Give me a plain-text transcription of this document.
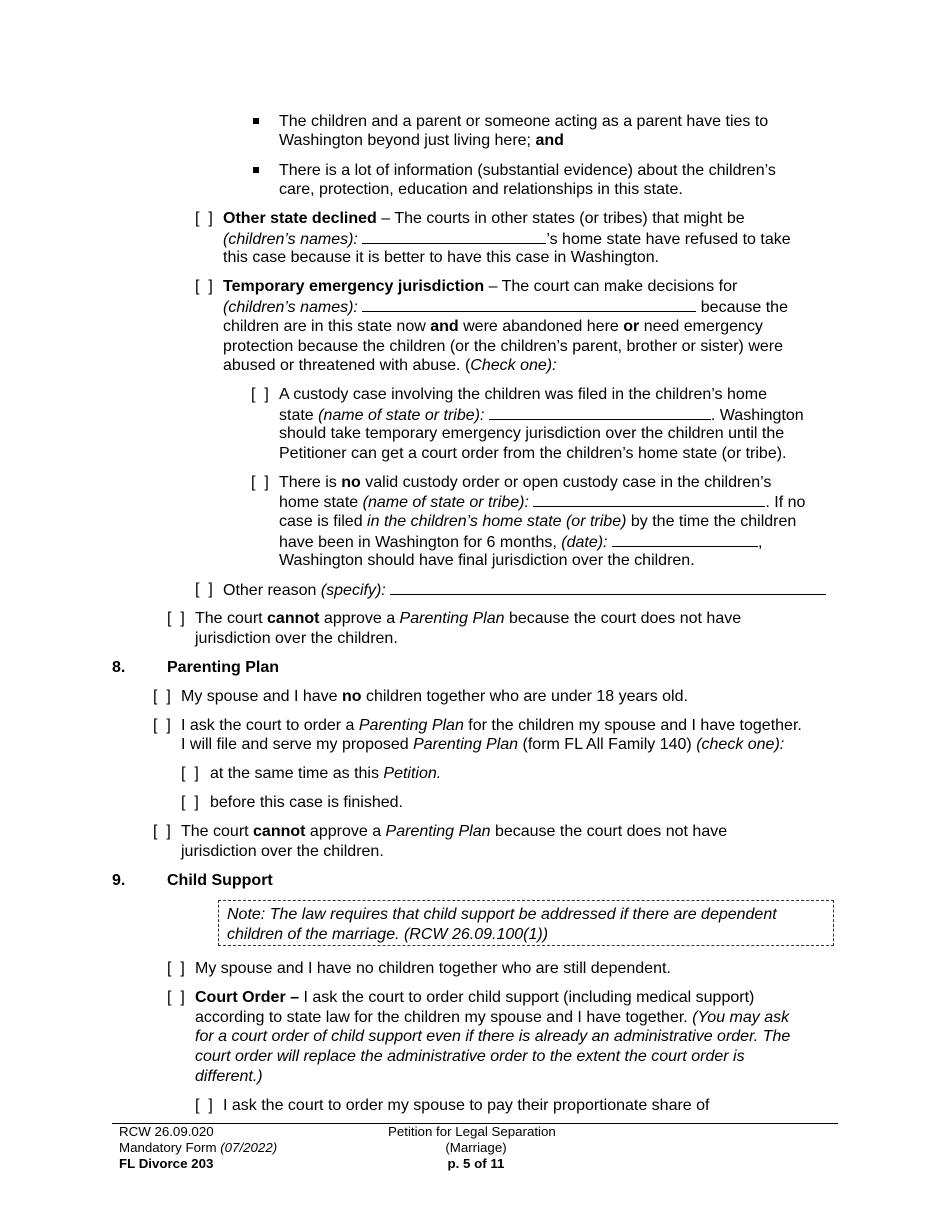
The children and a parent or someone acting as a parent have ties to
Washington beyond just living here; and
There is a lot of information (substantial evidence) about the children’s
care, protection, education and relationships in this state.
[  ] Other state declined – The courts in other states (or tribes) that might be
(children’s names):	’s home state have refused to take
this case because it is better to have this case in Washington.
[  ] Temporary emergency jurisdiction – The court can make decisions for
(children’s names):	because the
children are in this state now and were abandoned here or need emergency
protection because the children (or the children’s parent, brother or sister) were
abused or threatened with abuse. (Check one):
[  ] A custody case involving the children was filed in the children’s home
state (name of state or tribe):	. Washington
should take temporary emergency jurisdiction over the children until the
Petitioner can get a court order from the children’s home state (or tribe).
[  ] There is no valid custody order or open custody case in the children’s
home state (name of state or tribe):	. If no
case is filed in the children’s home state (or tribe) by the time the children
have been in Washington for 6 months, (date):	,
Washington should have final jurisdiction over the children.
[  ] Other reason (specify):
[  ] The court cannot approve a Parenting Plan because the court does not have
jurisdiction over the children.
8.	Parenting Plan
[  ] My spouse and I have no children together who are under 18 years old.
[  ] I ask the court to order a Parenting Plan for the children my spouse and I have together.
I will file and serve my proposed Parenting Plan (form FL All Family 140) (check one):
[  ] at the same time as this Petition.
[  ] before this case is finished.
[  ] The court cannot approve a Parenting Plan because the court does not have
jurisdiction over the children.
9.	Child Support
Note: The law requires that child support be addressed if there are dependent
children of the marriage. (RCW 26.09.100(1))
[  ] My spouse and I have no children together who are still dependent.
[  ] Court Order – I ask the court to order child support (including medical support)
according to state law for the children my spouse and I have together. (You may ask
for a court order of child support even if there is already an administrative order. The
court order will replace the administrative order to the extent the court order is
different.)
[  ] I ask the court to order my spouse to pay their proportionate share of
RCW 26.09.020
Mandatory Form (07/2022)
FL Divorce 203
Petition for Legal Separation
(Marriage)
p. 5 of 11
